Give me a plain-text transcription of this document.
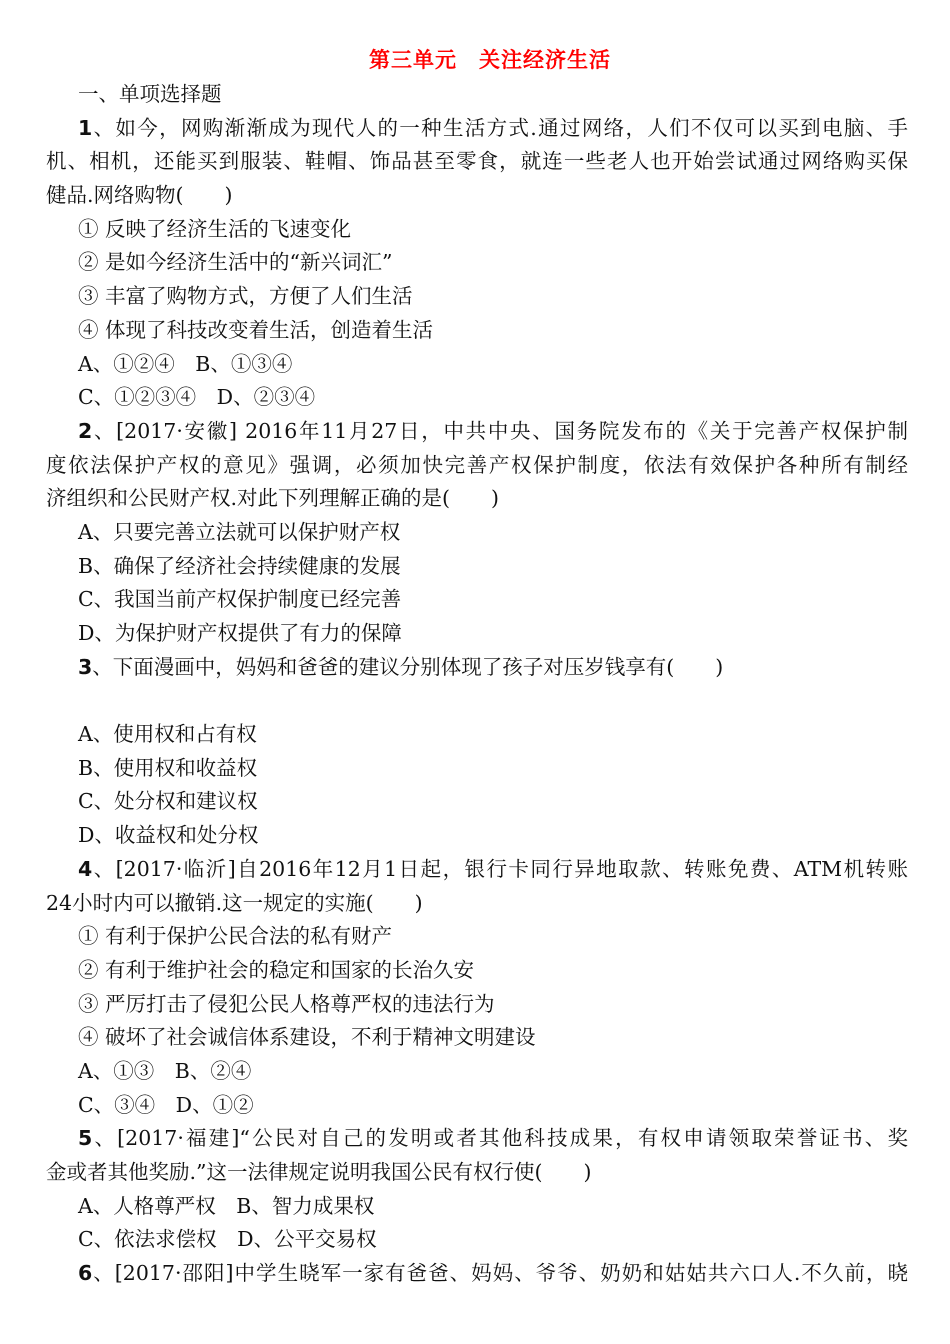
第三单元　关注经济生活
一、单项选择题
1、如今，网购渐渐成为现代人的一种生活方式.通过网络，人们不仅可以买到电脑、手
机、相机，还能买到服装、鞋帽、饰品甚至零食，就连一些老人也开始尝试通过网络购买保
健品.网络购物(　　)
① 反映了经济生活的飞速变化
② 是如今经济生活中的“新兴词汇”
③ 丰富了购物方式，方便了人们生活
④ 体现了科技改变着生活，创造着生活
A、①②④　B、①③④
C、①②③④　D、②③④
2、[2017·安徽] 2016年11月27日，中共中央、国务院发布的《关于完善产权保护制
度依法保护产权的意见》强调，必须加快完善产权保护制度，依法有效保护各种所有制经
济组织和公民财产权.对此下列理解正确的是(　　)
A、只要完善立法就可以保护财产权
B、确保了经济社会持续健康的发展
C、我国当前产权保护制度已经完善
D、为保护财产权提供了有力的保障
3、下面漫画中，妈妈和爸爸的建议分别体现了孩子对压岁钱享有(　　)
A、使用权和占有权
B、使用权和收益权
C、处分权和建议权
D、收益权和处分权
4、[2017·临沂]自2016年12月1日起，银行卡同行异地取款、转账免费、ATM机转账
24小时内可以撤销.这一规定的实施(　　)
① 有利于保护公民合法的私有财产
② 有利于维护社会的稳定和国家的长治久安
③ 严厉打击了侵犯公民人格尊严权的违法行为
④ 破坏了社会诚信体系建设，不利于精神文明建设
A、①③　B、②④
C、③④　D、①②
5、[2017·福建]“公民对自己的发明或者其他科技成果，有权申请领取荣誉证书、奖
金或者其他奖励.”这一法律规定说明我国公民有权行使(　　)
A、人格尊严权　B、智力成果权
C、依法求偿权　D、公平交易权
6、[2017·邵阳]中学生晓军一家有爸爸、妈妈、爷爷、奶奶和姑姑共六口人.不久前，晓
